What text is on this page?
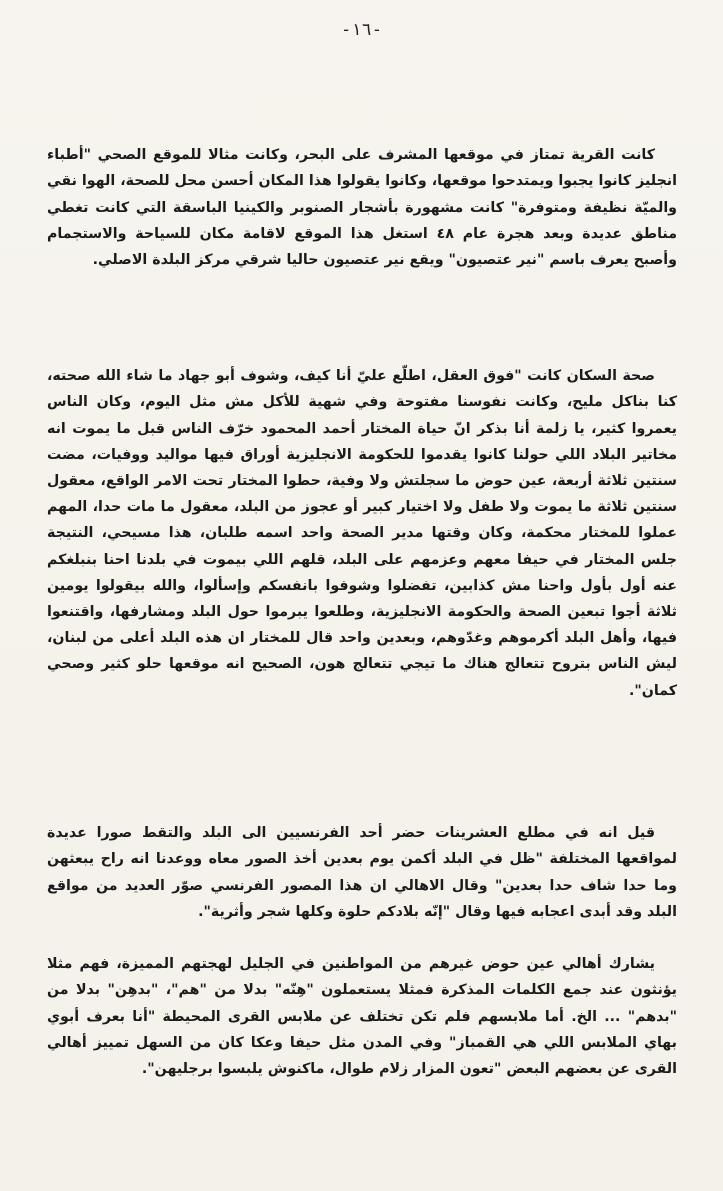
-١٦-

كانت القرية تمتاز في موقعها المشرف على البحر، وكانت مثالا للموقع الصحي "أطباء انجليز كانوا يجبوا ويمتدحوا موقعها، وكانوا يقولوا هذا المكان أحسن محل للصحة، الهوا نقي والميّة نظيفة ومتوفرة" كانت مشهورة بأشجار الصنوبر والكينيا الباسقة التي كانت تغطي مناطق عديدة وبعد هجرة عام ٤٨ استغل هذا الموقع لاقامة مكان للسياحة والاستجمام وأصبح يعرف باسم "نير عتصيون" ويقع نير عتصيون حاليا شرقي مركز البلدة الاصلي.

صحة السكان كانت "فوق العقل، اطلّع عليّ أنا كيف، وشوف أبو جهاد ما شاء الله صحته، كنا بناكل مليح، وكانت نفوسنا مفتوحة وفي شهية للأكل مش مثل اليوم، وكان الناس يعمروا كثير، يا زلمة أنا بذكر انّ حياة المختار أحمد المحمود خرّف الناس قبل ما يموت انه مخاتير البلاد اللي حولنا كانوا يقدموا للحكومة الانجليزية أوراق فيها مواليد ووفيات، مضت سنتين ثلاثة أربعة، عين حوض ما سجلتش ولا وفية، حطوا المختار تحت الامر الواقع، معقول سنتين ثلاثة ما يموت ولا طفل ولا اختيار كبير أو عجوز من البلد، معقول ما مات حدا، المهم عملوا للمختار محكمة، وكان وقتها مدير الصحة واحد اسمه طلبان، هذا مسيحي، النتيجة جلس المختار في حيفا معهم وعزمهم على البلد، قلهم اللي بيموت في بلدنا احنا بنبلغكم عنه أول بأول واحنا مش كذابين، تفضلوا وشوفوا بانفسكم وإسألوا، والله بيقولوا يومين ثلاثة أجوا تبعين الصحة والحكومة الانجليزية، وطلعوا يبرموا حول البلد ومشارفها، واقتنعوا فيها، وأهل البلد أكرموهم وغدّوهم، وبعدين واحد قال للمختار ان هذه البلد أعلى من لبنان، ليش الناس بتروح تتعالج هناك ما تيجي تتعالج هون، الصحيح انه موقعها حلو كثير وصحي كمان".

قيل انه في مطلع العشرينات حضر أحد الفرنسيين الى البلد والتقط صورا عديدة لمواقعها المختلفة "ظل في البلد أكمن يوم بعدين أخذ الصور معاه ووعدنا انه راح يبعثهن وما حدا شاف حدا بعدين" وقال الاهالي ان هذا المصور الفرنسي صوّر العديد من مواقع البلد وقد أبدى اعجابه فيها وقال "إنّه بلادكم حلوة وكلها شجر وأثرية".

يشارك أهالي عين حوض غيرهم من المواطنين في الجليل لهجتهم المميزة، فهم مثلا يؤنثون عند جمع الكلمات المذكرة فمثلا يستعملون "هِنّه" بدلا من "هم"، "بدهِن" بدلا من "بدهم" ... الخ. أما ملابسهم فلم تكن تختلف عن ملابس القرى المحيطة "أنا بعرف أبوي بهاي الملابس اللي هي القمباز" وفي المدن مثل حيفا وعكا كان من السهل تمييز أهالي القرى عن بعضهم البعض "تعون المزار زلام طوال، ماكنوش يلبسوا برجليهن".
